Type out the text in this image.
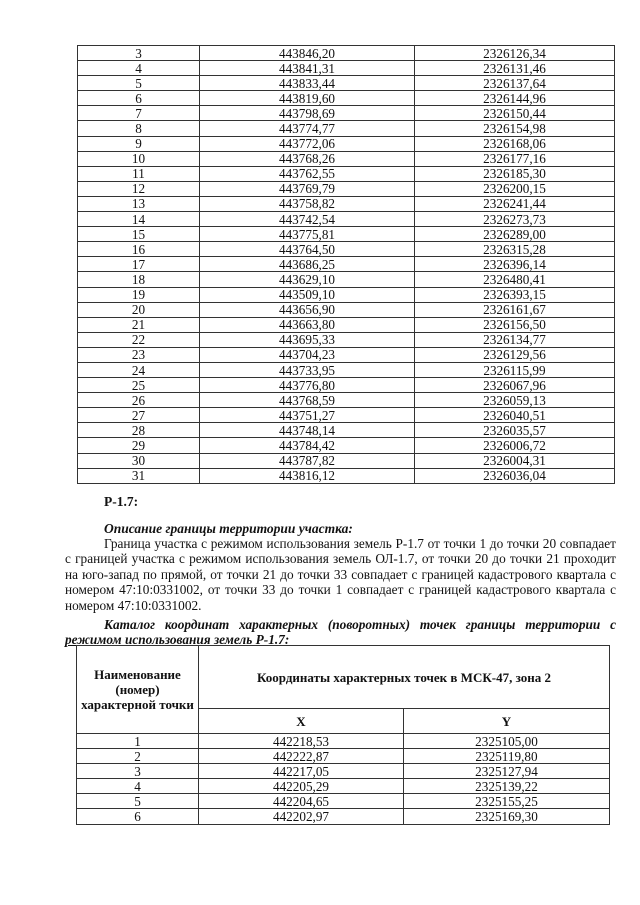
3	443846,20	2326126,34
4	443841,31	2326131,46
5	443833,44	2326137,64
6	443819,60	2326144,96
7	443798,69	2326150,44
8	443774,77	2326154,98
9	443772,06	2326168,06
10	443768,26	2326177,16
11	443762,55	2326185,30
12	443769,79	2326200,15
13	443758,82	2326241,44
14	443742,54	2326273,73
15	443775,81	2326289,00
16	443764,50	2326315,28
17	443686,25	2326396,14
18	443629,10	2326480,41
19	443509,10	2326393,15
20	443656,90	2326161,67
21	443663,80	2326156,50
22	443695,33	2326134,77
23	443704,23	2326129,56
24	443733,95	2326115,99
25	443776,80	2326067,96
26	443768,59	2326059,13
27	443751,27	2326040,51
28	443748,14	2326035,57
29	443784,42	2326006,72
30	443787,82	2326004,31
31	443816,12	2326036,04
Р-1.7:
Описание границы территории участка:
Граница участка с режимом использования земель Р-1.7 от точки 1 до точки 20 совпадает с границей участка с режимом использования земель ОЛ-1.7, от точки 20 до точки 21 проходит на юго-запад по прямой, от точки 21 до точки 33 совпадает с границей кадастрового квартала с номером 47:10:0331002, от точки 33 до точки 1 совпадает с границей кадастрового квартала с номером 47:10:0331002.
Каталог координат характерных (поворотных) точек границы территории с режимом использования земель Р-1.7:
Наименование (номер) характерной точки	Координаты характерных точек в МСК-47, зона 2	
	X	Y
1	442218,53	2325105,00
2	442222,87	2325119,80
3	442217,05	2325127,94
4	442205,29	2325139,22
5	442204,65	2325155,25
6	442202,97	2325169,30
